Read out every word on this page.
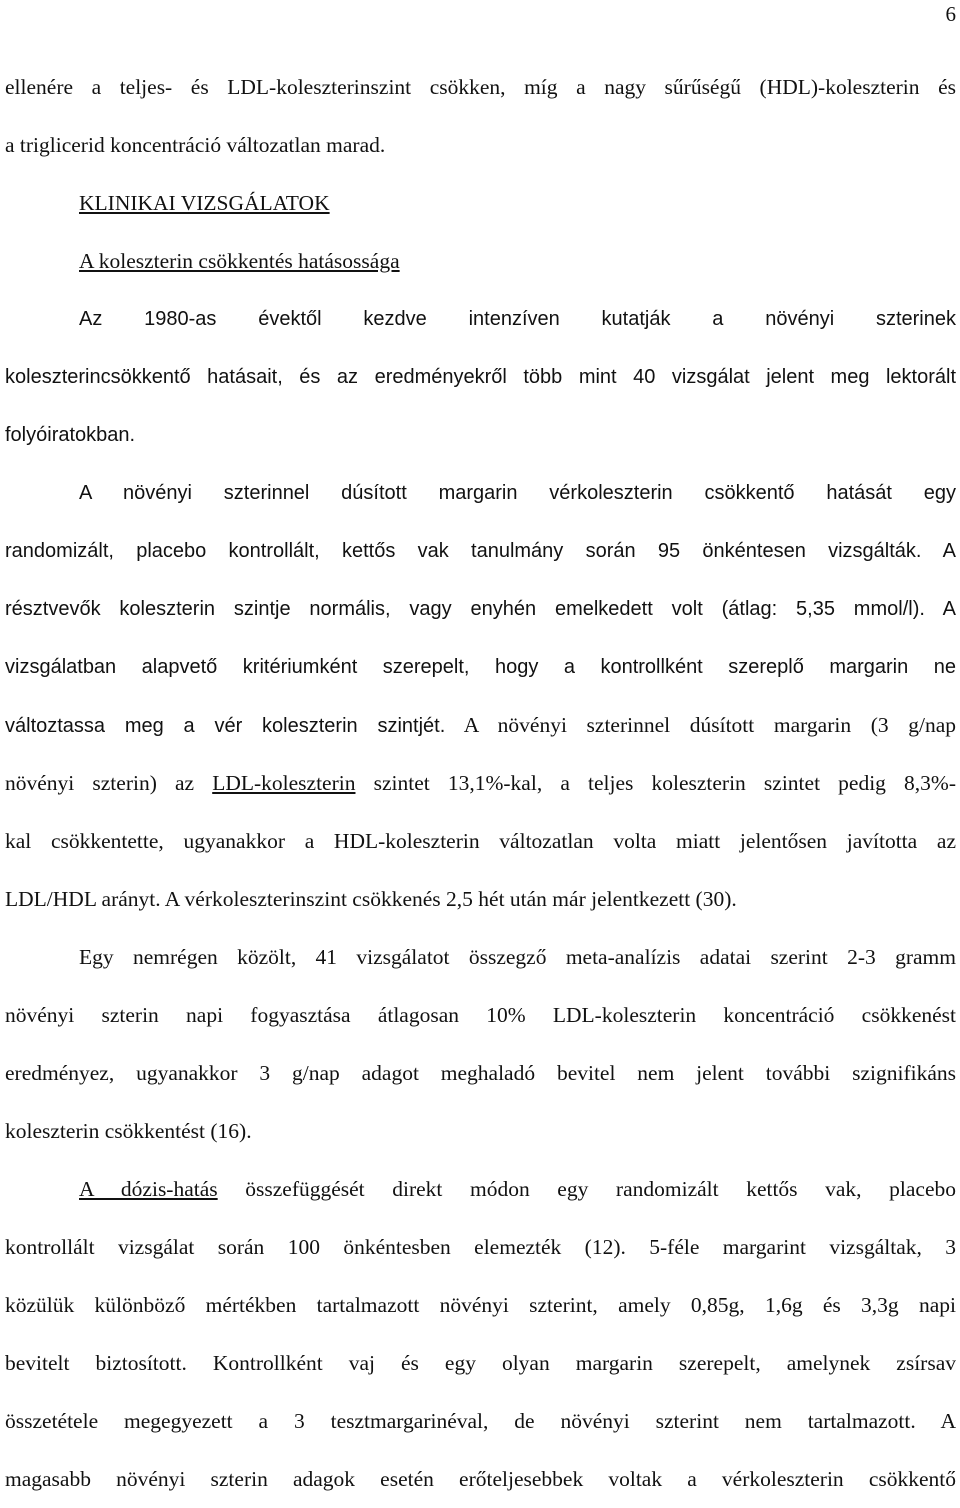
6
ellenére a teljes- és LDL-koleszterinszint csökken, míg a nagy sűrűségű (HDL)-koleszterin és
a triglicerid koncentráció változatlan marad.
KLINIKAI VIZSGÁLATOK
A koleszterin csökkentés hatásossága
Az 1980-as évektől kezdve intenzíven kutatják a növényi szterinek
koleszterincsökkentő hatásait, és az eredményekről több mint 40 vizsgálat jelent meg lektorált
folyóiratokban.
A növényi szterinnel dúsított margarin vérkoleszterin csökkentő hatását egy
randomizált, placebo kontrollált, kettős vak tanulmány során 95 önkéntesen vizsgálták. A
résztvevők koleszterin szintje normális, vagy enyhén emelkedett volt (átlag: 5,35 mmol/l). A
vizsgálatban alapvető kritériumként szerepelt, hogy a kontrollként szereplő margarin ne
változtassa meg a vér koleszterin szintjét. A növényi szterinnel dúsított margarin (3 g/nap
növényi szterin) az LDL-koleszterin szintet 13,1%-kal, a teljes koleszterin szintet pedig 8,3%-
kal csökkentette, ugyanakkor a HDL-koleszterin változatlan volta miatt jelentősen javította az
LDL/HDL arányt. A vérkoleszterinszint csökkenés 2,5 hét után már jelentkezett (30).
Egy nemrégen közölt, 41 vizsgálatot összegző meta-analízis adatai szerint 2-3 gramm
növényi szterin napi fogyasztása átlagosan 10% LDL-koleszterin koncentráció csökkenést
eredményez, ugyanakkor 3 g/nap adagot meghaladó bevitel nem jelent további szignifikáns
koleszterin csökkentést (16).
A dózis-hatás összefüggését direkt módon egy randomizált kettős vak, placebo
kontrollált vizsgálat során 100 önkéntesben elemezték (12). 5-féle margarint vizsgáltak, 3
közülük különböző mértékben tartalmazott növényi szterint, amely 0,85g, 1,6g és 3,3g napi
bevitelt biztosított. Kontrollként vaj és egy olyan margarin szerepelt, amelynek zsírsav
összetétele megegyezett a 3 tesztmargarinéval, de növényi szterint nem tartalmazott. A
magasabb növényi szterin adagok esetén erőteljesebbek voltak a vérkoleszterin csökkentő
